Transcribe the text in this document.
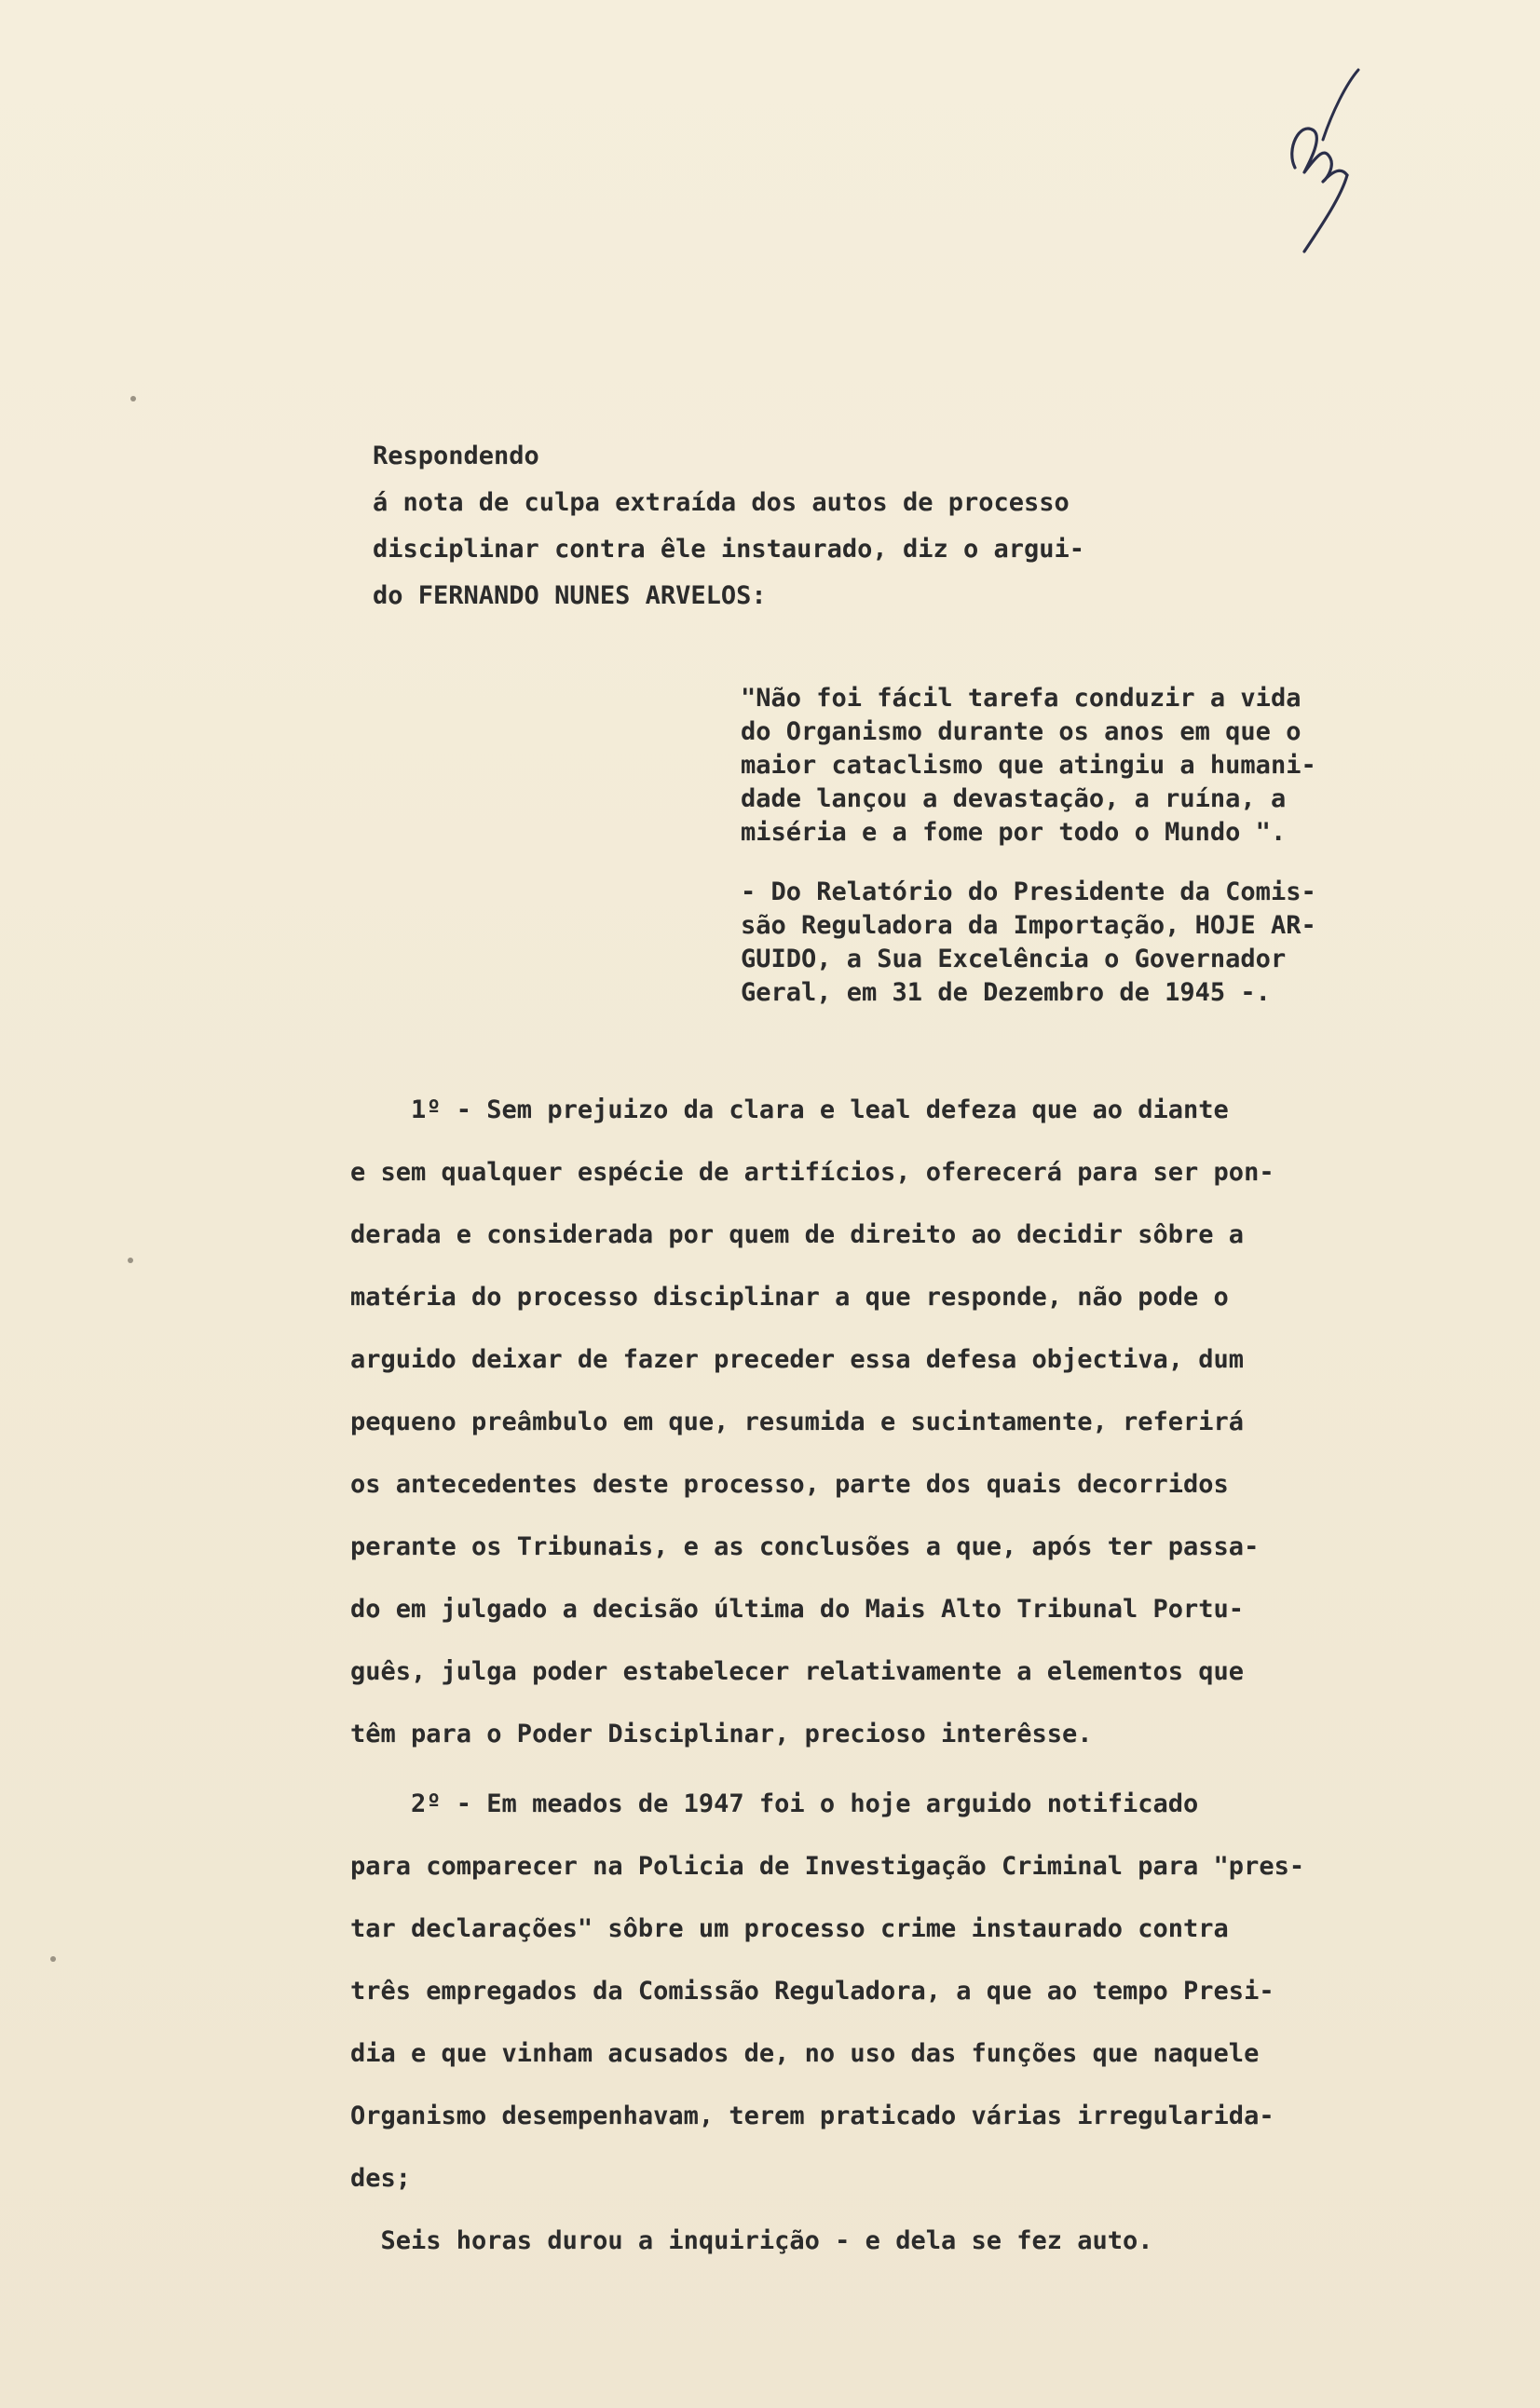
Respondendo
á nota de culpa extraída dos autos de processo
disciplinar contra êle instaurado, diz o argui-
do FERNANDO NUNES ARVELOS:
"Não foi fácil tarefa conduzir a vida
do Organismo durante os anos em que o
maior cataclismo que atingiu a humani-
dade lançou a devastação, a ruína, a
miséria e a fome por todo o Mundo ".
- Do Relatório do Presidente da Comis-
são Reguladora da Importação, HOJE AR-
GUIDO, a Sua Excelência o Governador
Geral, em 31 de Dezembro de 1945 -.
1º - Sem prejuizo da clara e leal defeza que ao diante
e sem qualquer espécie de artifícios, oferecerá para ser pon-
derada e considerada por quem de direito ao decidir sôbre a
matéria do processo disciplinar a que responde, não pode o
arguido deixar de fazer preceder essa defesa objectiva, dum
pequeno preâmbulo em que, resumida e sucintamente, referirá
os antecedentes deste processo, parte dos quais decorridos
perante os Tribunais, e as conclusões a que, após ter passa-
do em julgado a decisão última do Mais Alto Tribunal Portu-
guês, julga poder estabelecer relativamente a elementos que
têm para o Poder Disciplinar, precioso interêsse.
2º - Em meados de 1947 foi o hoje arguido notificado
para comparecer na Policia de Investigação Criminal para "pres-
tar declarações" sôbre um processo crime instaurado contra
três empregados da Comissão Reguladora, a que ao tempo Presi-
dia e que vinham acusados de, no uso das funções que naquele
Organismo desempenhavam, terem praticado várias irregularida-
des;
Seis horas durou a inquirição - e dela se fez auto.
